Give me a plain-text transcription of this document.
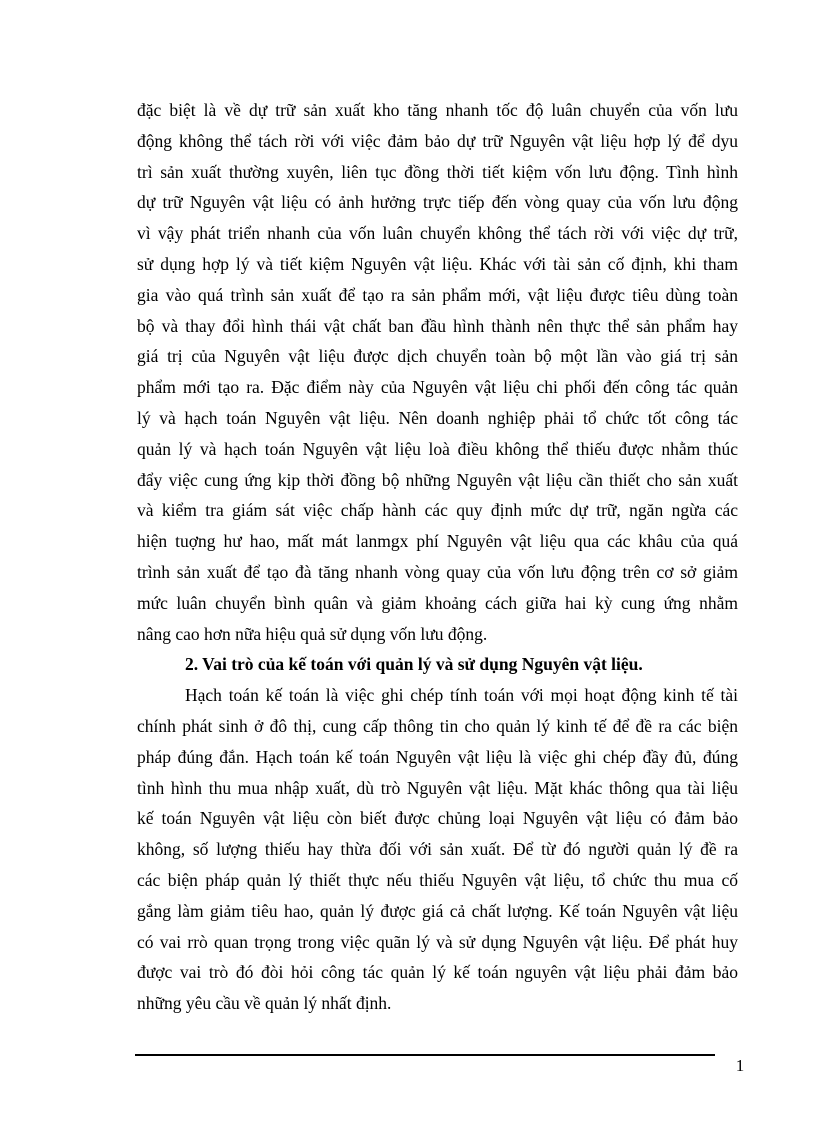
đặc biệt là về dự trữ sản xuất kho tăng nhanh tốc độ luân chuyển của vốn lưu
động không thể tách rời với việc đảm bảo dự trữ Nguyên vật liệu hợp lý để dyu
trì sản xuất thường xuyên, liên tục đồng thời tiết kiệm vốn lưu động. Tình hình
dự trữ Nguyên vật liệu có ảnh hưởng trực tiếp đến vòng quay của vốn lưu động
vì vậy phát triển nhanh của vốn luân chuyển không thể tách rời với việc dự trữ,
sử dụng hợp lý và tiết kiệm Nguyên vật liệu. Khác với tài sản cố định, khi tham
gia vào quá trình sản xuất để tạo ra sản phẩm mới, vật liệu được tiêu dùng toàn
bộ và thay đổi hình thái vật chất ban đầu hình thành nên thực thể sản phẩm hay
giá trị của Nguyên vật liệu được dịch chuyển toàn bộ một lần vào giá trị sản
phẩm mới tạo ra. Đặc điểm này của Nguyên vật liệu chi phối đến công tác quản
lý và hạch toán Nguyên vật liệu. Nên doanh nghiệp phải tổ chức tốt công tác
quản lý và hạch toán Nguyên vật liệu loà điều không thể thiếu được nhằm thúc
đẩy việc cung ứng kịp thời đồng bộ những Nguyên vật liệu cần thiết cho sản xuất
và kiểm tra giám sát việc chấp hành các quy định mức dự trữ, ngăn ngừa các
hiện tuợng hư hao, mất mát lanmgx phí Nguyên vật liệu qua các khâu của quá
trình sản xuất để tạo đà tăng nhanh vòng quay của vốn lưu động trên cơ sở giảm
mức luân chuyển bình quân và giảm khoảng cách giữa hai kỳ cung ứng nhằm
nâng cao hơn nữa hiệu quả sử dụng vốn lưu động.
2. Vai trò của kế toán với quản lý và sử dụng Nguyên vật liệu.
Hạch toán kế toán là việc ghi chép tính toán với mọi hoạt động kinh tế tài
chính phát sinh ở đô thị, cung cấp thông tin cho quản lý kinh tế để đề ra các biện
pháp đúng đắn. Hạch toán kế toán Nguyên vật liệu là việc ghi chép đầy đủ, đúng
tình hình thu mua nhập xuất, dù trò Nguyên vật liệu. Mặt khác thông qua tài liệu
kế toán Nguyên vật liệu còn biết được chủng loại Nguyên vật liệu có đảm bảo
không, số lượng thiếu hay thừa đối với sản xuất. Để từ đó người quản lý đề ra
các biện pháp quản lý thiết thực nếu thiếu Nguyên vật liệu, tổ chức thu mua cố
gắng làm giảm tiêu hao, quản lý được giá cả chất lượng. Kế toán Nguyên vật liệu
có vai rrò quan trọng trong việc quãn lý và sử dụng Nguyên vật liệu. Để phát huy
được vai trò đó đòi hỏi công tác quản lý kế toán nguyên vật liệu phải đảm bảo
những yêu cầu về quản lý nhất định.
1
